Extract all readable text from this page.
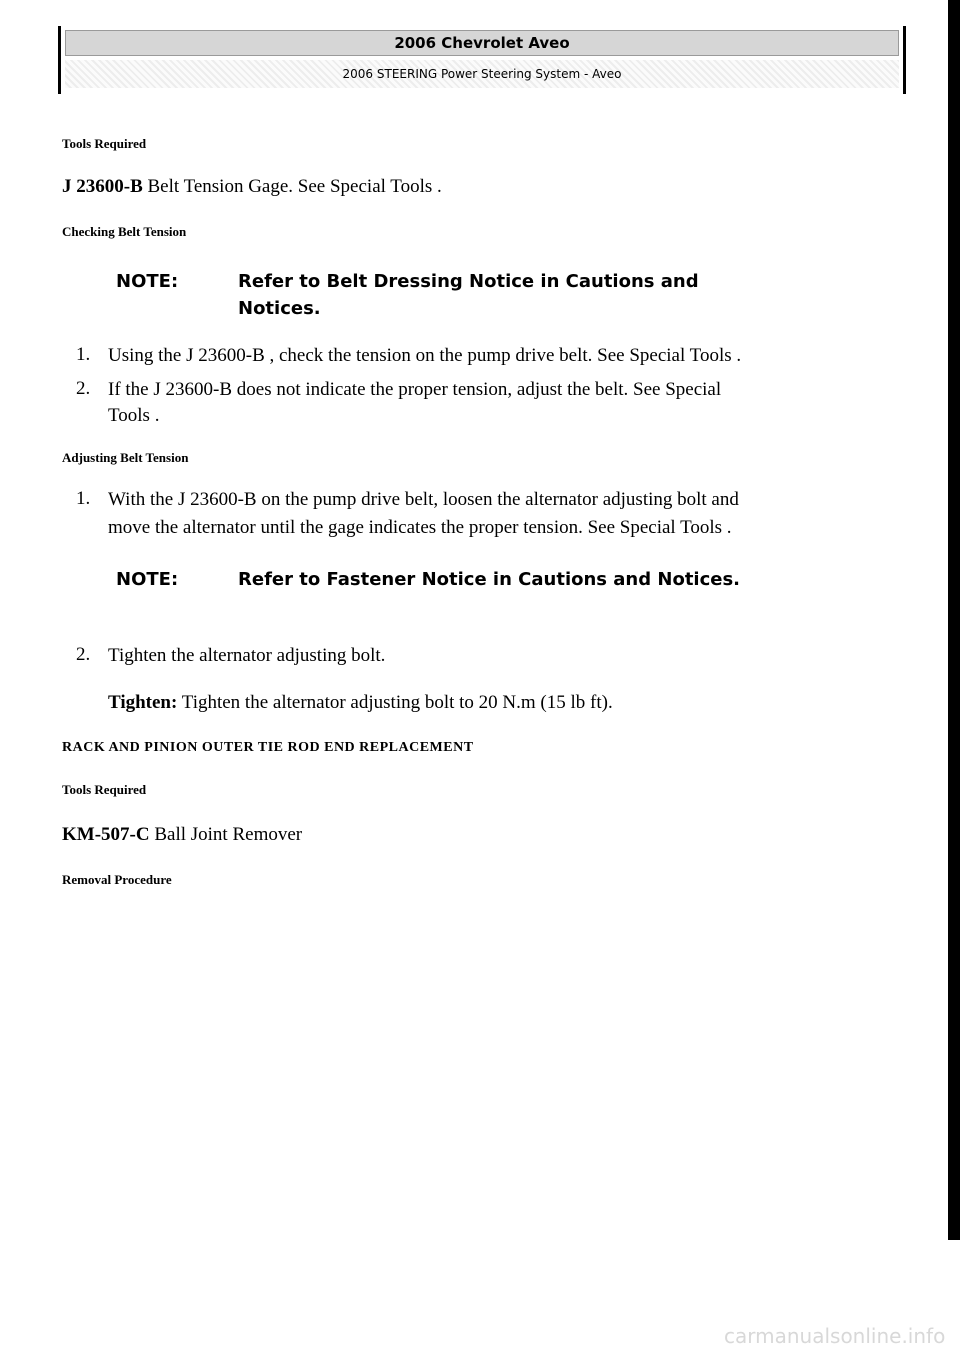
2006 Chevrolet Aveo
2006 STEERING Power Steering System - Aveo
Tools Required
J 23600-B Belt Tension Gage. See Special Tools .
Checking Belt Tension
NOTE:	Refer to Belt Dressing Notice in Cautions and Notices.
1. Using the J 23600-B , check the tension on the pump drive belt. See Special Tools .
2. If the J 23600-B does not indicate the proper tension, adjust the belt. See Special
Tools .
Adjusting Belt Tension
1. With the J 23600-B on the pump drive belt, loosen the alternator adjusting bolt and
move the alternator until the gage indicates the proper tension. See Special Tools .
NOTE:	Refer to Fastener Notice in Cautions and Notices.
2. Tighten the alternator adjusting bolt.
Tighten: Tighten the alternator adjusting bolt to 20 N.m (15 lb ft).
RACK AND PINION OUTER TIE ROD END REPLACEMENT
Tools Required
KM-507-C Ball Joint Remover
Removal Procedure
carmanualsonline.info
